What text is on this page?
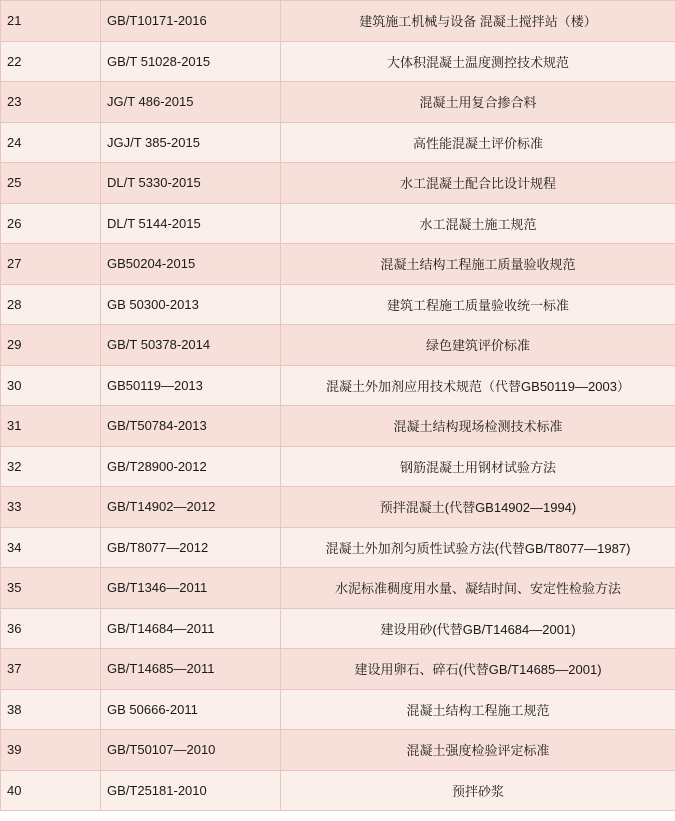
21	GB/T10171-2016	建筑施工机械与设备 混凝土搅拌站（楼）
22	GB/T 51028-2015	大体积混凝土温度测控技术规范
23	JG/T 486-2015	混凝土用复合掺合料
24	JGJ/T 385-2015	高性能混凝土评价标准
25	DL/T 5330-2015	水工混凝土配合比设计规程
26	DL/T 5144-2015	水工混凝土施工规范
27	GB50204-2015	混凝土结构工程施工质量验收规范
28	GB 50300-2013	建筑工程施工质量验收统一标准
29	GB/T 50378-2014	绿色建筑评价标准
30	GB50119—2013	混凝土外加剂应用技术规范（代替GB50119—2003）
31	GB/T50784-2013	混凝土结构现场检测技术标准
32	GB/T28900-2012	钢筋混凝土用钢材试验方法
33	GB/T14902—2012	预拌混凝土(代替GB14902—1994)
34	GB/T8077—2012	混凝土外加剂匀质性试验方法(代替GB/T8077—1987)
35	GB/T1346—2011	水泥标准稠度用水量、凝结时间、安定性检验方法
36	GB/T14684—2011	建设用砂(代替GB/T14684—2001)
37	GB/T14685—2011	建设用卵石、碎石(代替GB/T14685—2001)
38	GB 50666-2011	混凝土结构工程施工规范
39	GB/T50107—2010	混凝土强度检验评定标准
40	GB/T25181-2010	预拌砂浆
